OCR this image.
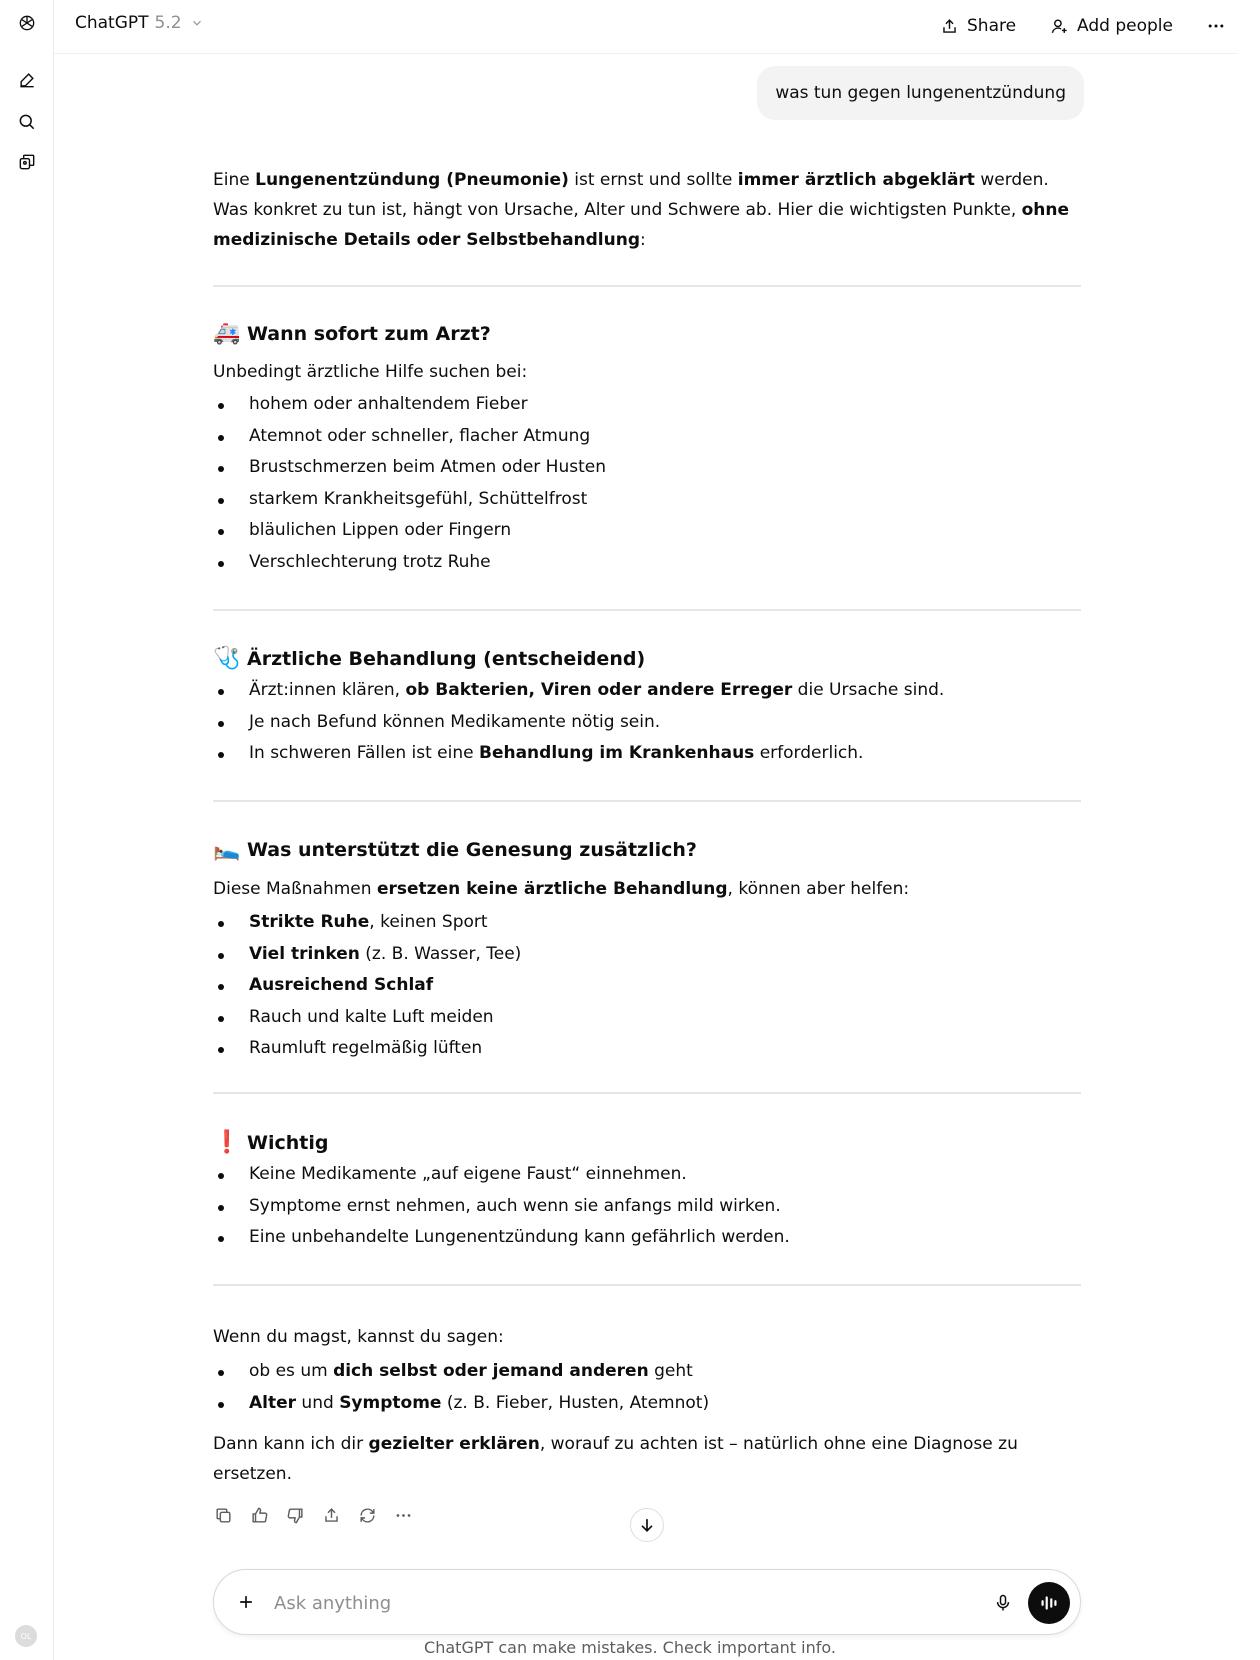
OL
ChatGPT 5.2	Share	Add people
was tun gegen lungenentzündung
Eine Lungenentzündung (Pneumonie) ist ernst und sollte immer ärztlich abgeklärt werden. Was konkret zu tun ist, hängt von Ursache, Alter und Schwere ab. Hier die wichtigsten Punkte, ohne medizinische Details oder Selbstbehandlung:
🚑 Wann sofort zum Arzt?
Unbedingt ärztliche Hilfe suchen bei:
hohem oder anhaltendem Fieber
Atemnot oder schneller, flacher Atmung
Brustschmerzen beim Atmen oder Husten
starkem Krankheitsgefühl, Schüttelfrost
bläulichen Lippen oder Fingern
Verschlechterung trotz Ruhe
🩺 Ärztliche Behandlung (entscheidend)
Ärzt:innen klären, ob Bakterien, Viren oder andere Erreger die Ursache sind.
Je nach Befund können Medikamente nötig sein.
In schweren Fällen ist eine Behandlung im Krankenhaus erforderlich.
🛌 Was unterstützt die Genesung zusätzlich?
Diese Maßnahmen ersetzen keine ärztliche Behandlung, können aber helfen:
Strikte Ruhe, keinen Sport
Viel trinken (z. B. Wasser, Tee)
Ausreichend Schlaf
Rauch und kalte Luft meiden
Raumluft regelmäßig lüften
❗ Wichtig
Keine Medikamente „auf eigene Faust“ einnehmen.
Symptome ernst nehmen, auch wenn sie anfangs mild wirken.
Eine unbehandelte Lungenentzündung kann gefährlich werden.
Wenn du magst, kannst du sagen:
ob es um dich selbst oder jemand anderen geht
Alter und Symptome (z. B. Fieber, Husten, Atemnot)
Dann kann ich dir gezielter erklären, worauf zu achten ist – natürlich ohne eine Diagnose zu ersetzen.
Ask anything
ChatGPT can make mistakes. Check important info.
